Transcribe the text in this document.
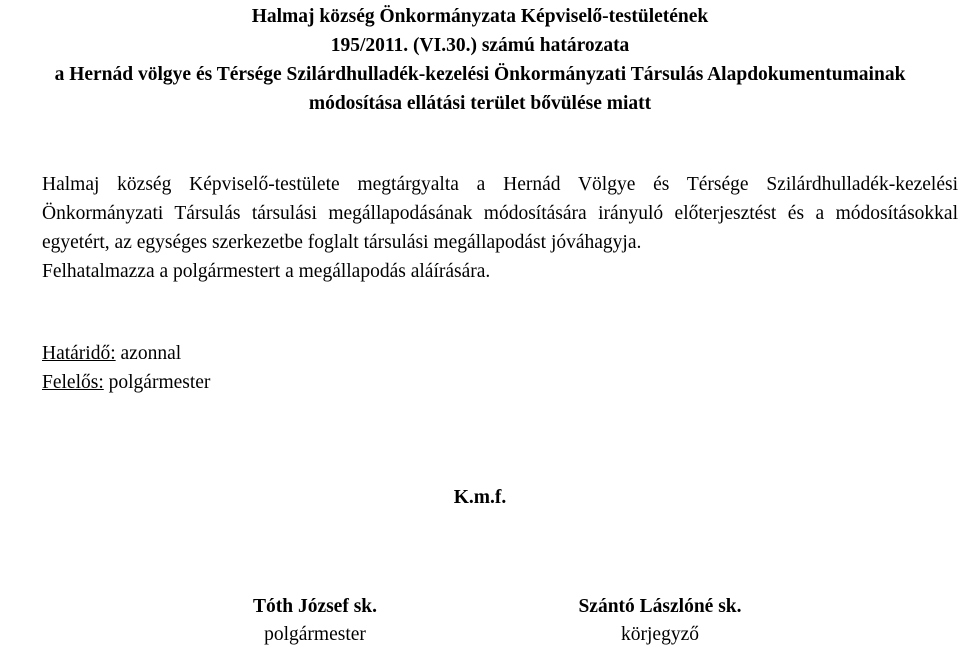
Halmaj község Önkormányzata Képviselő-testületének
195/2011. (VI.30.) számú határozata
a Hernád völgye és Térsége Szilárdhulladék-kezelési Önkormányzati Társulás Alapdokumentumainak
módosítása ellátási terület bővülése miatt

Halmaj község Képviselő-testülete megtárgyalta a Hernád Völgye és Térsége Szilárdhulladék-kezelési Önkormányzati Társulás társulási megállapodásának módosítására irányuló előterjesztést és a módosításokkal egyetért, az egységes szerkezetbe foglalt társulási megállapodást jóváhagyja.

Felhatalmazza a polgármestert a megállapodás aláírására.

Határidő: azonnal
Felelős: polgármester
K.m.f.
Tóth József sk.
polgármester
Szántó Lászlóné sk.
körjegyző
